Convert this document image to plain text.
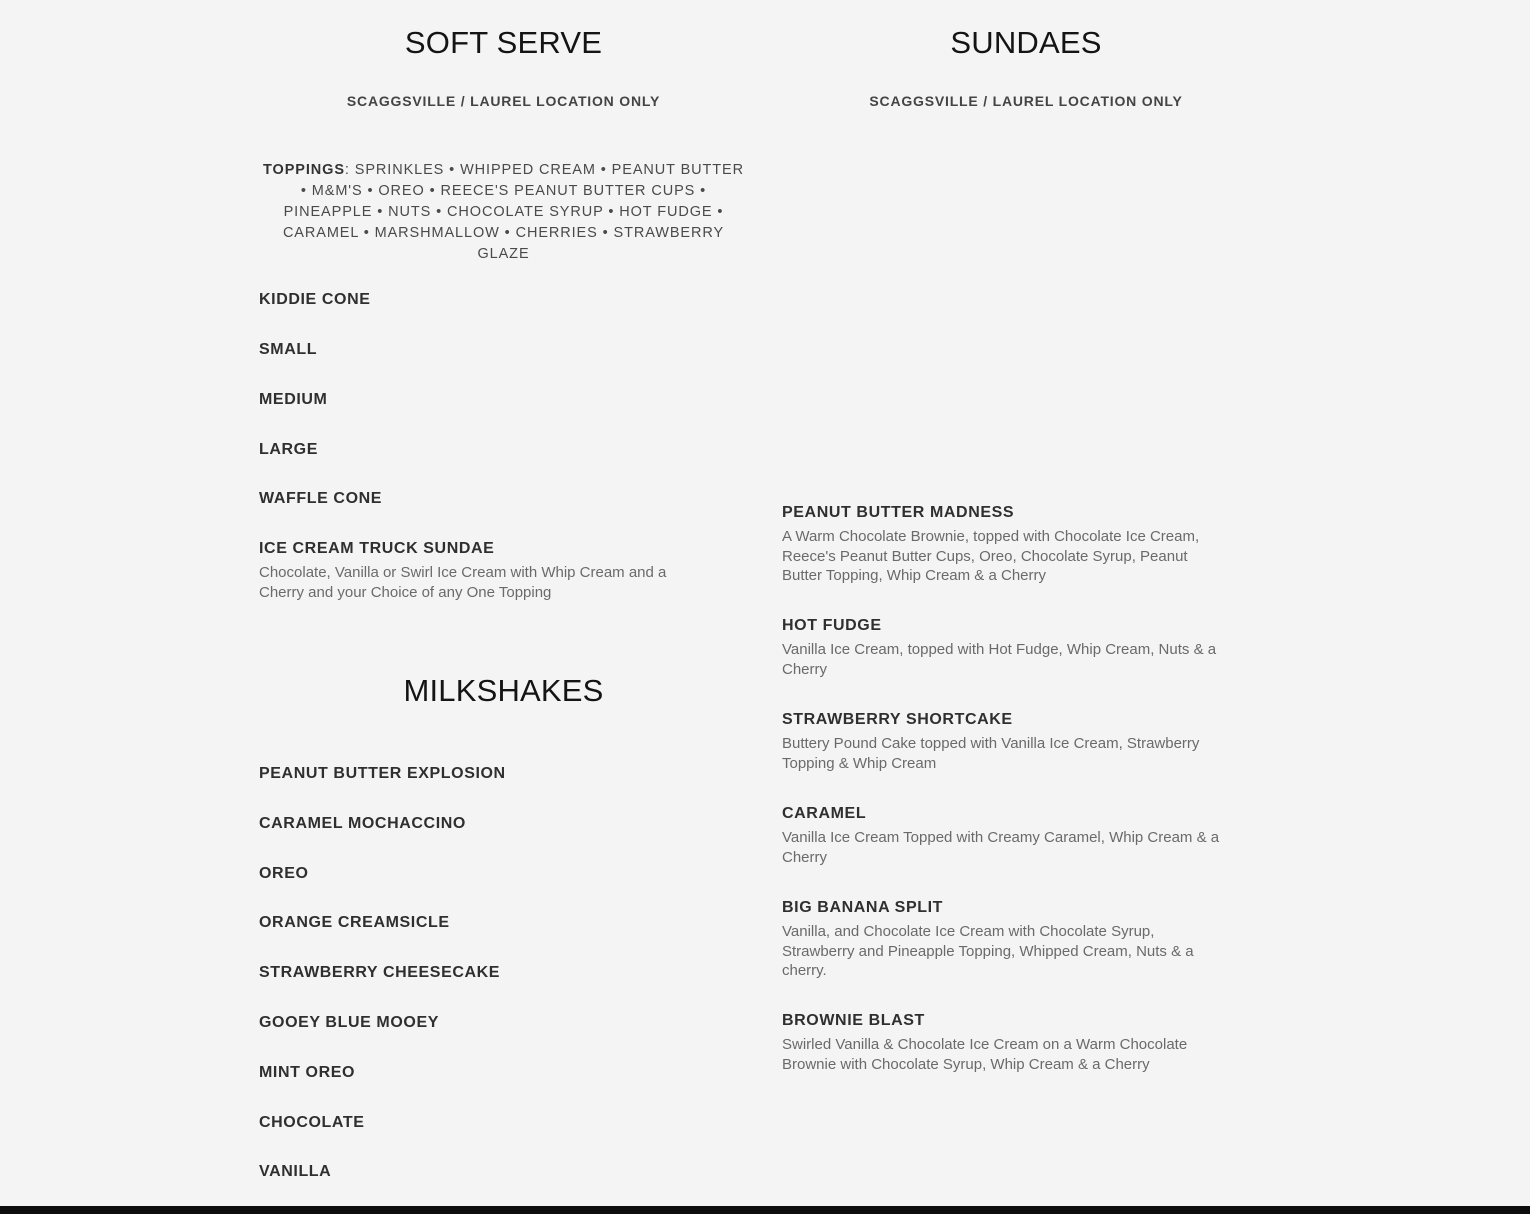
SOFT SERVE
SCAGGSVILLE / LAUREL LOCATION ONLY
TOPPINGS: SPRINKLES • WHIPPED CREAM • PEANUT BUTTER • M&M'S • OREO • REECE'S PEANUT BUTTER CUPS • PINEAPPLE • NUTS • CHOCOLATE SYRUP • HOT FUDGE • CARAMEL • MARSHMALLOW • CHERRIES • STRAWBERRY GLAZE
KIDDIE CONE
SMALL
MEDIUM
LARGE
WAFFLE CONE
ICE CREAM TRUCK SUNDAE
Chocolate, Vanilla or Swirl Ice Cream with Whip Cream and a Cherry and your Choice of any One Topping
MILKSHAKES
PEANUT BUTTER EXPLOSION
CARAMEL MOCHACCINO
OREO
ORANGE CREAMSICLE
STRAWBERRY CHEESECAKE
GOOEY BLUE MOOEY
MINT OREO
CHOCOLATE
VANILLA
SUNDAES
SCAGGSVILLE / LAUREL LOCATION ONLY
PEANUT BUTTER MADNESS
A Warm Chocolate Brownie, topped with Chocolate Ice Cream, Reece's Peanut Butter Cups, Oreo, Chocolate Syrup, Peanut Butter Topping, Whip Cream & a Cherry
HOT FUDGE
Vanilla Ice Cream, topped with Hot Fudge, Whip Cream, Nuts & a Cherry
STRAWBERRY SHORTCAKE
Buttery Pound Cake topped with Vanilla Ice Cream, Strawberry Topping & Whip Cream
CARAMEL
Vanilla Ice Cream Topped with Creamy Caramel, Whip Cream & a Cherry
BIG BANANA SPLIT
Vanilla, and Chocolate Ice Cream with Chocolate Syrup, Strawberry and Pineapple Topping, Whipped Cream, Nuts & a cherry.
BROWNIE BLAST
Swirled Vanilla & Chocolate Ice Cream on a Warm Chocolate Brownie with Chocolate Syrup, Whip Cream & a Cherry
